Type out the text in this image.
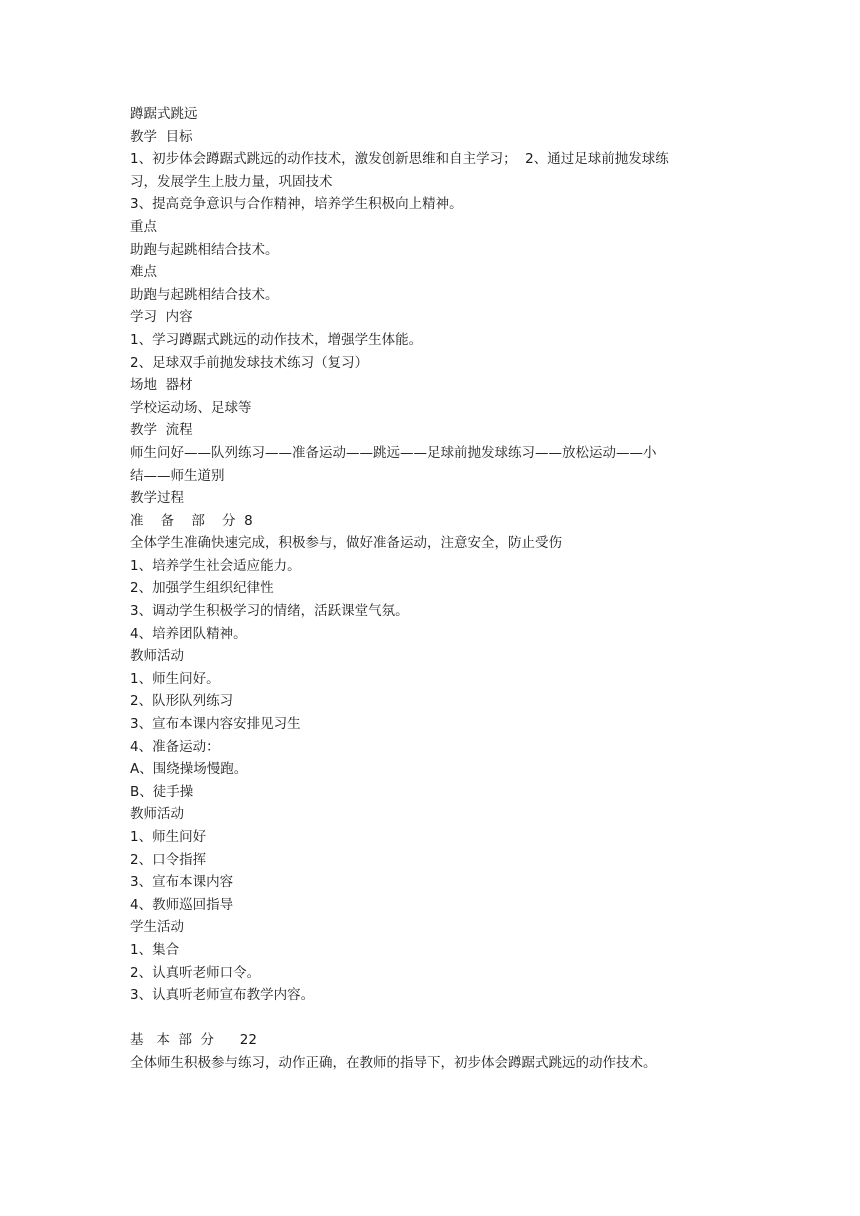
蹲踞式跳远

教学  目标

1、初步体会蹲踞式跳远的动作技术，激发创新思维和自主学习；  2、通过足球前抛发球练

习，发展学生上肢力量，巩固技术

3、提高竞争意识与合作精神，培养学生积极向上精神。

重点

助跑与起跳相结合技术。

难点

助跑与起跳相结合技术。

学习  内容

1、学习蹲踞式跳远的动作技术，增强学生体能。

2、足球双手前抛发球技术练习（复习）

场地  器材

学校运动场、足球等

教学  流程

师生问好——队列练习——准备运动——跳远——足球前抛发球练习——放松运动——小

结——师生道别

教学过程

准    备    部    分  8

全体学生准确快速完成，积极参与，做好准备运动，注意安全，防止受伤

1、培养学生社会适应能力。

2、加强学生组织纪律性

3、调动学生积极学习的情绪，活跃课堂气氛。

4、培养团队精神。

教师活动

1、师生问好。

2、队形队列练习

3、宣布本课内容安排见习生

4、准备运动：

A、围绕操场慢跑。

B、徒手操

教师活动

1、师生问好

2、口令指挥

3、宣布本课内容

4、教师巡回指导

学生活动

1、集合

2、认真听老师口令。

3、认真听老师宣布教学内容。

基   本  部  分      22

全体师生积极参与练习，动作正确，在教师的指导下，初步体会蹲踞式跳远的动作技术。
